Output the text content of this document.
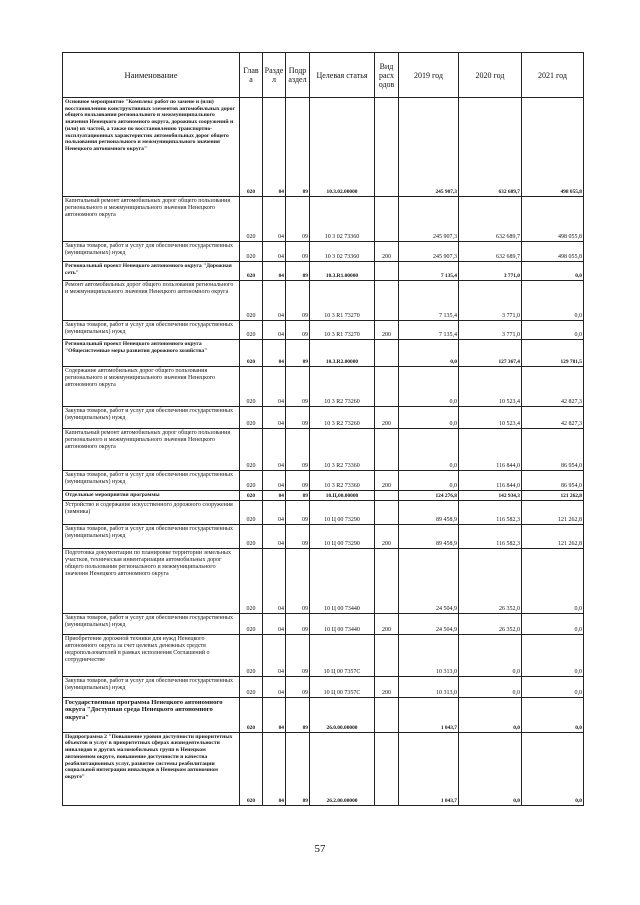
Наименование	Глав а	Разде л	Подр аздел	Целевая статья	Вид расх одов	2019 год	2020 год	2021 год
Основное мероприятие "Комплекс работ по замене и (или) восстановлению конструктивных элементов автомобильных дорог общего пользования регионального и межмуниципального значения Ненецкого автономного округа, дорожных сооружений и (или) их частей, а также по восстановлению транспортно-эксплуатационных характеристик автомобильных дорог общего пользования регионального и межмуниципального значения Ненецкого автономного округа"	020	04	09	10.3.02.00000		245 907,3	632 689,7	498 055,8
Капитальный ремонт автомобильных дорог общего пользования регионального и межмуниципального значения Ненецкого автономного округа	020	04	09	10 3 02 73360		245 907,3	632 689,7	498 055,8
Закупка товаров, работ и услуг для обеспечения государственных (муниципальных) нужд	020	04	09	10 3 02 73360	200	245 907,3	632 689,7	498 055,8
Региональный проект Ненецкого автономного округа "Дорожная сеть"	020	04	09	10.3.R1.00000		7 135,4	3 771,0	0,0
Ремонт автомобильных дорог общего пользования регионального и межмуниципального значения Ненецкого автономного округа	020	04	09	10 3 R1 73270		7 135,4	3 771,0	0,0
Закупка товаров, работ и услуг для обеспечения государственных (муниципальных) нужд	020	04	09	10 3 R1 73270	200	7 135,4	3 771,0	0,0
Региональный проект Ненецкого автономного округа "Общесистемные меры развития дорожного хозяйства"	020	04	09	10.3.R2.00000		0,0	127 367,4	129 781,5
Содержание автомобильных дорог общего пользования регионального и межмуниципального значения Ненецкого автономного округа	020	04	09	10 3 R2 73260		0,0	10 523,4	42 827,3
Закупка товаров, работ и услуг для обеспечения государственных (муниципальных) нужд	020	04	09	10 3 R2 73260	200	0,0	10 523,4	42 827,3
Капитальный ремонт автомобильных дорог общего пользования регионального и межмуниципального значения Ненецкого автономного округа	020	04	09	10 3 R2 73360		0,0	116 844,0	86 954,0
Закупка товаров, работ и услуг для обеспечения государственных (муниципальных) нужд	020	04	09	10 3 R2 73360	200	0,0	116 844,0	86 954,0
Отдельные мероприятия программы	020	04	09	10.Ц.00.00000		124 276,8	142 934,3	121 262,8
Устройство и содержание искусственного дорожного сооружения (зимника)	020	04	09	10 Ц 00 73290		89 458,9	116 582,3	121 262,8
Закупка товаров, работ и услуг для обеспечения государственных (муниципальных) нужд	020	04	09	10 Ц 00 73290	200	89 458,9	116 582,3	121 262,8
Подготовка документации по планировке территории земельных участков, техническая инвентаризация автомобильных дорог общего пользования регионального и межмуниципального значения Ненецкого автономного округа	020	04	09	10 Ц 00 73440		24 504,9	26 352,0	0,0
Закупка товаров, работ и услуг для обеспечения государственных (муниципальных) нужд	020	04	09	10 Ц 00 73440	200	24 504,9	26 352,0	0,0
Приобретение дорожной техники для нужд Ненецкого автономного округа за счет целевых денежных средств недропользователей в рамках исполнения Соглашений о сотрудничестве	020	04	09	10 Ц 00 7357С		10 313,0	0,0	0,0
Закупка товаров, работ и услуг для обеспечения государственных (муниципальных) нужд	020	04	09	10 Ц 00 7357С	200	10 313,0	0,0	0,0
Государственная программа Ненецкого автономного округа "Доступная среда Ненецкого автономного округа"	020	04	09	26.0.00.00000		1 043,7	0,0	0,0
Подпрограмма 2 "Повышение уровня доступности приоритетных объектов и услуг в приоритетных сферах жизнедеятельности инвалидов и других маломобильных групп в Ненецком автономном округе, повышение доступности и качества реабилитационных услуг, развитие системы реабилитации социальной интеграции инвалидов в Ненецком автономном округе"	020	04	09	26.2.00.00000		1 043,7	0,0	0,0
57
